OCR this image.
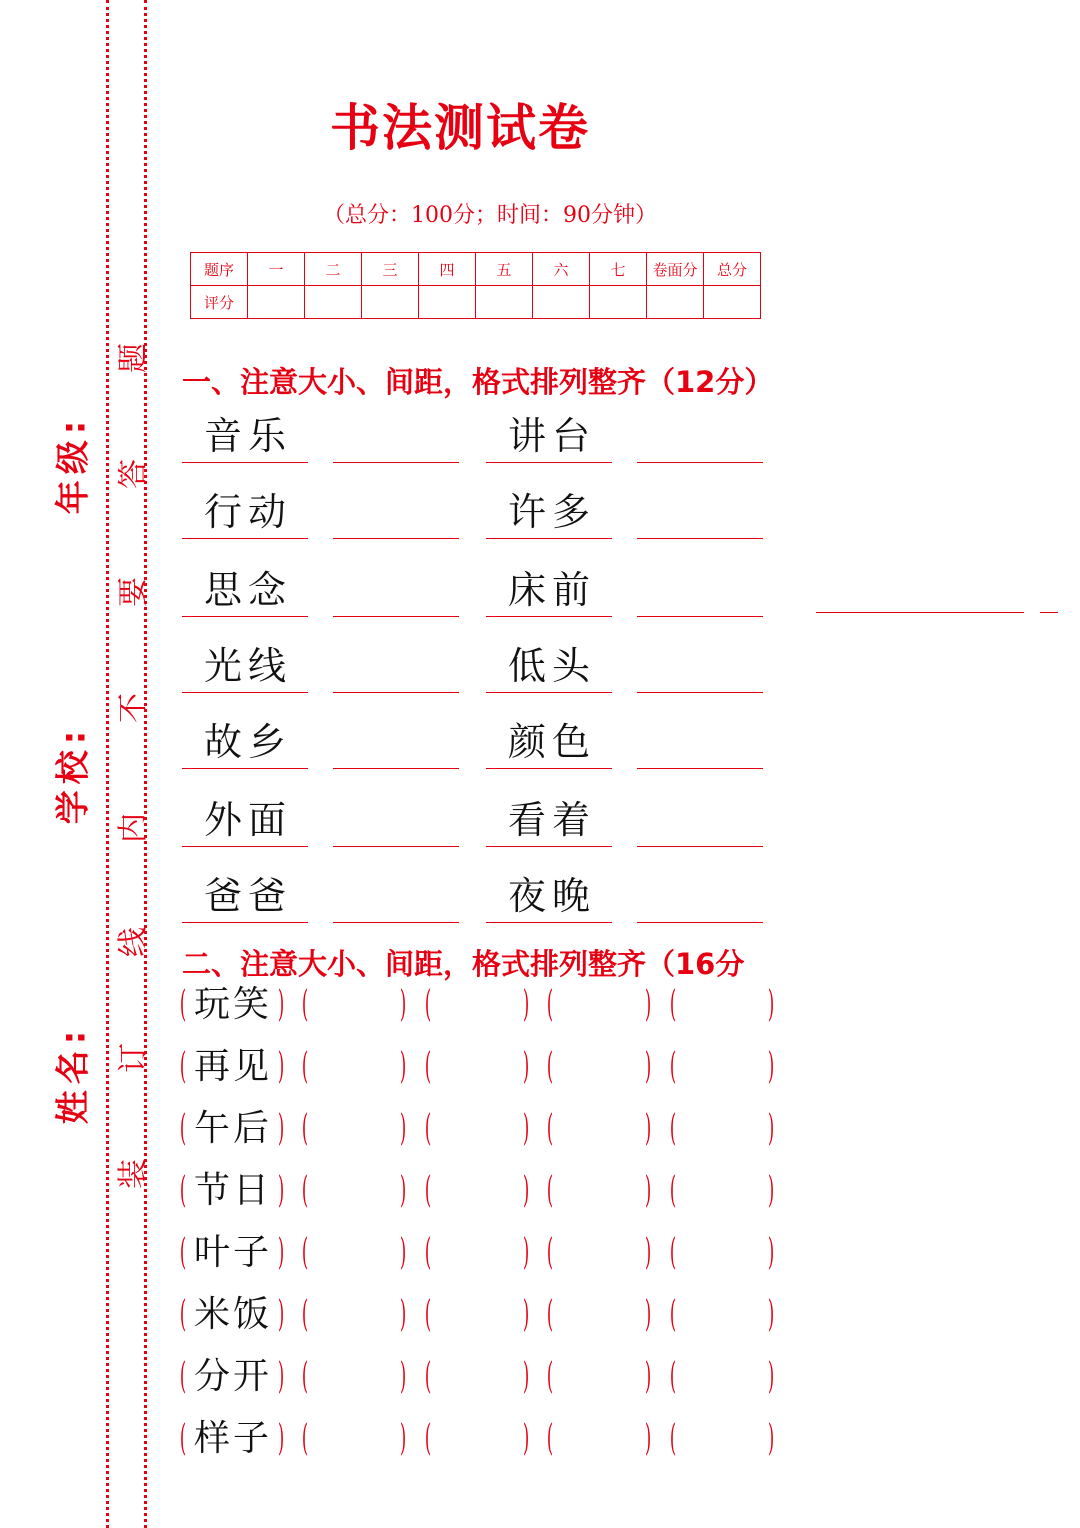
年级:
学校:
姓名:
题
答
要
不
内
线
订
装
书法测试卷
（总分：100分；时间：90分钟）
题序	一	二	三	四	五	六	七	卷面分	总分
评分									
一、注意大小、间距，格式排列整齐（12分）
音乐	讲台
行动	许多
思念	床前
光线	低头
故乡	颜色
外面	看着
爸爸	夜晚
二、注意大小、间距，格式排列整齐（16分
( 玩笑 ) (	) (	) (	) (	)
( 再见 ) (	) (	) (	) (	)
( 午后 ) (	) (	) (	) (	)
( 节日 ) (	) (	) (	) (	)
( 叶子 ) (	) (	) (	) (	)
( 米饭 ) (	) (	) (	) (	)
( 分开 ) (	) (	) (	) (	)
( 样子 ) (	) (	) (	) (	)
